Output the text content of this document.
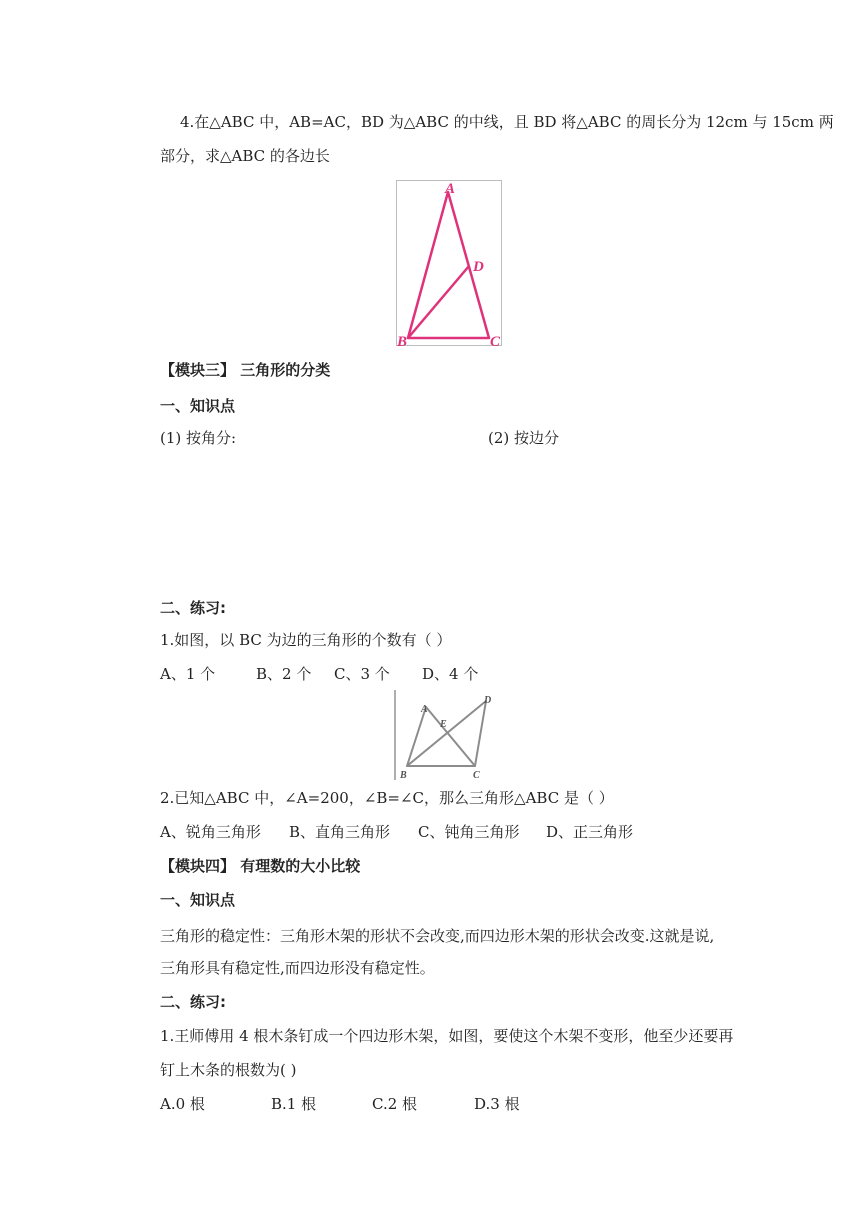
4.在△ABC 中，AB=AC，BD 为△ABC 的中线，且 BD 将△ABC 的周长分为 12cm 与 15cm 两
部分，求△ABC 的各边长
A
B	C
D
【模块三】 三角形的分类
一、知识点
(1) 按角分:	(2) 按边分
二、练习:
1.如图，以 BC 为边的三角形的个数有（ ）
A、1 个	B、2 个 C、3 个 D、4 个
A
B	C
D
E
2.已知△ABC 中，∠A=200，∠B=∠C，那么三角形△ABC 是（ ）
A、锐角三角形 B、直角三角形 C、钝角三角形 D、正三角形
【模块四】 有理数的大小比较
一、知识点
三角形的稳定性：三角形木架的形状不会改变,而四边形木架的形状会改变.这就是说,
三角形具有稳定性,而四边形没有稳定性。
二、练习:
1.王师傅用 4 根木条钉成一个四边形木架，如图，要使这个木架不变形，他至少还要再
钉上木条的根数为( )
A.0 根	B.1 根	C.2 根	D.3 根
